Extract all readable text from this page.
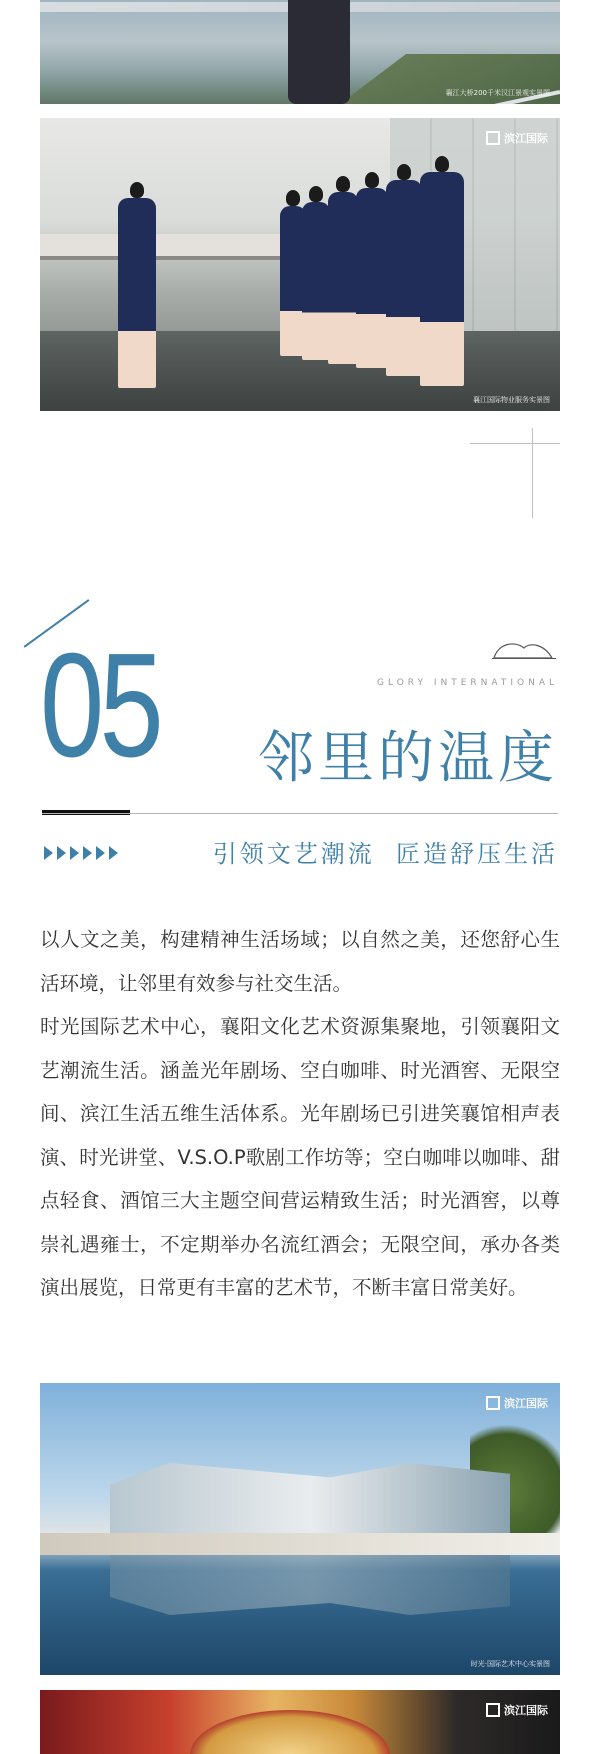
襄江大桥200千米汉江景观实景图
滨江国际
襄江国际物业服务实景图
05	GLORY INTERNATIONAL
邻里的温度
引领文艺潮流  匠造舒压生活

以人文之美，构建精神生活场域；以自然之美，还您舒心生活环境，让邻里有效参与社交生活。

时光国际艺术中心，襄阳文化艺术资源集聚地，引领襄阳文艺潮流生活。涵盖光年剧场、空白咖啡、时光酒窖、无限空间、滨江生活五维生活体系。光年剧场已引进笑襄馆相声表演、时光讲堂、V.S.O.P歌剧工作坊等；空白咖啡以咖啡、甜点轻食、酒馆三大主题空间营运精致生活；时光酒窖，以尊崇礼遇雍士，不定期举办名流红酒会；无限空间，承办各类演出展览，日常更有丰富的艺术节，不断丰富日常美好。

滨江国际
时光·国际艺术中心实景图
滨江国际
